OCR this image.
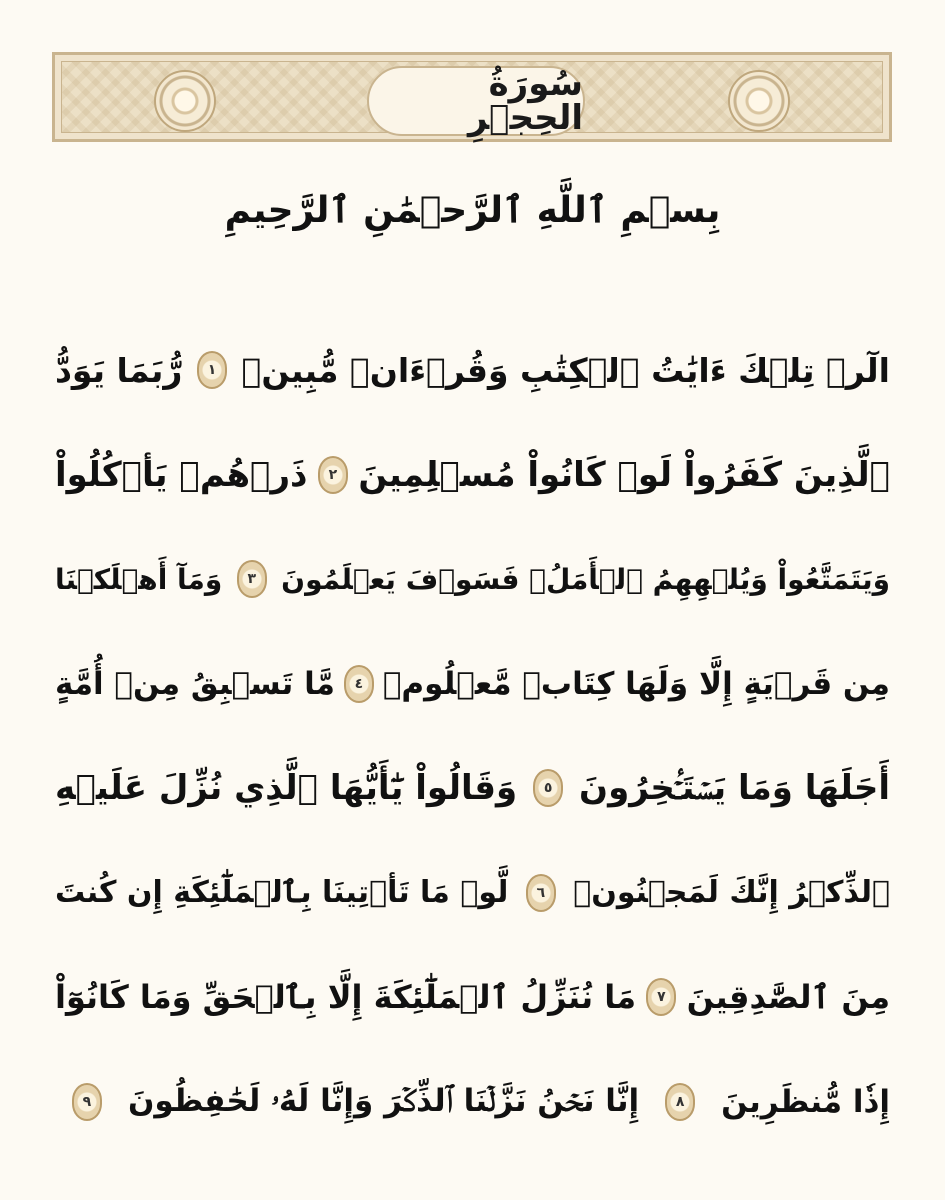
سُورَةُ الحِجۡرِ
بِسۡمِ ٱللَّهِ ٱلرَّحۡمَٰنِ ٱلرَّحِيمِ
الٓرۚ تِلۡكَ ءَايَٰتُ ٱلۡكِتَٰبِ وَقُرۡءَانٖ مُّبِينٖ
١
رُّبَمَا يَوَدُّ
ٱلَّذِينَ كَفَرُواْ لَوۡ كَانُواْ مُسۡلِمِينَ
٢
ذَرۡهُمۡ يَأۡكُلُواْ
وَيَتَمَتَّعُواْ وَيُلۡهِهِمُ ٱلۡأَمَلُۖ فَسَوۡفَ يَعۡلَمُونَ
٣
وَمَآ أَهۡلَكۡنَا
مِن قَرۡيَةٍ إِلَّا وَلَهَا كِتَابٞ مَّعۡلُومٞ
٤
مَّا تَسۡبِقُ مِنۡ أُمَّةٍ
أَجَلَهَا وَمَا يَسۡتَـٔۡخِرُونَ
٥
وَقَالُواْ يَٰٓأَيُّهَا ٱلَّذِي نُزِّلَ عَلَيۡهِ
ٱلذِّكۡرُ إِنَّكَ لَمَجۡنُونٞ
٦
لَّوۡ مَا تَأۡتِينَا بِٱلۡمَلَٰٓئِكَةِ إِن كُنتَ
مِنَ ٱلصَّٰدِقِينَ
٧
مَا نُنَزِّلُ ٱلۡمَلَٰٓئِكَةَ إِلَّا بِٱلۡحَقِّ وَمَا كَانُوٓاْ
إِذٗا مُّنظَرِينَ
٨
إِنَّا نَحۡنُ نَزَّلۡنَا ٱلذِّكۡرَ وَإِنَّا لَهُۥ لَحَٰفِظُونَ
٩
